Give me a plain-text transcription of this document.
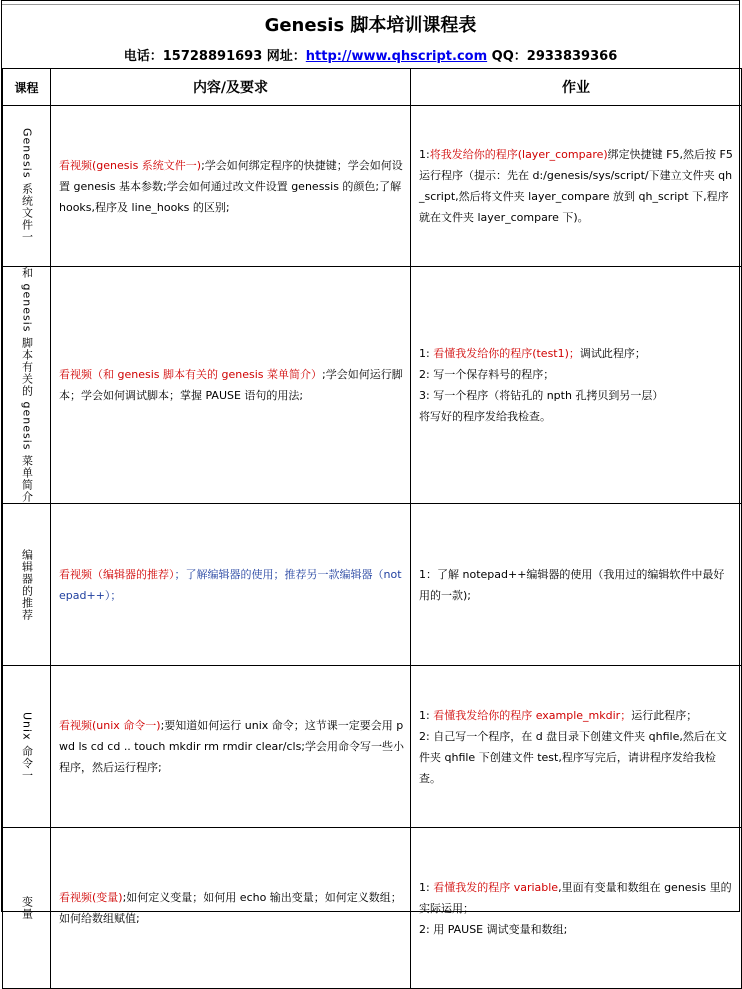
Genesis 脚本培训课程表
电话：15728891693 网址：http://www.qhscript.com QQ：2933839366
课程	内容/及要求	作业

Genesis 系统文件一	看视频(genesis 系统文件一);学会如何绑定程序的快捷键；学会如何设置 genesis 基本参数;学会如何通过改文件设置 genessis 的颜色;了解 hooks,程序及 line_hooks 的区别;	1:将我发给你的程序(layer_compare)绑定快捷键 F5,然后按 F5 运行程序（提示：先在 d:/genesis/sys/script/下建立文件夹 qh_script,然后将文件夹 layer_compare 放到 qh_script 下,程序就在文件夹 layer_compare 下)。

和 genesis 脚本有关的 genesis 菜单简介	看视频（和 genesis 脚本有关的 genesis 菜单简介）;学会如何运行脚本；学会如何调试脚本；掌握 PAUSE 语句的用法;	1: 看懂我发给你的程序(test1)；调试此程序；
2: 写一个保存料号的程序；
3: 写一个程序（将钻孔的 npth 孔拷贝到另一层）
将写好的程序发给我检查。

编辑器的推荐	看视频（编辑器的推荐）；了解编辑器的使用；推荐另一款编辑器（notepad++）；	1：了解 notepad++编辑器的使用（我用过的编辑软件中最好用的一款);

Unix 命令一	看视频(unix 命令一);要知道如何运行 unix 命令；这节课一定要会用 pwd ls cd cd .. touch mkdir rm rmdir clear/cls;学会用命令写一些小程序，然后运行程序;	1: 看懂我发给你的程序 example_mkdir；运行此程序；
2: 自己写一个程序，在 d 盘目录下创建文件夹 qhfile,然后在文件夹 qhfile 下创建文件 test,程序写完后，请讲程序发给我检查。

变量	看视频(变量);如何定义变量；如何用 echo 输出变量；如何定义数组；如何给数组赋值;	1: 看懂我发的程序 variable,里面有变量和数组在 genesis 里的实际运用；
2: 用 PAUSE 调试变量和数组;
